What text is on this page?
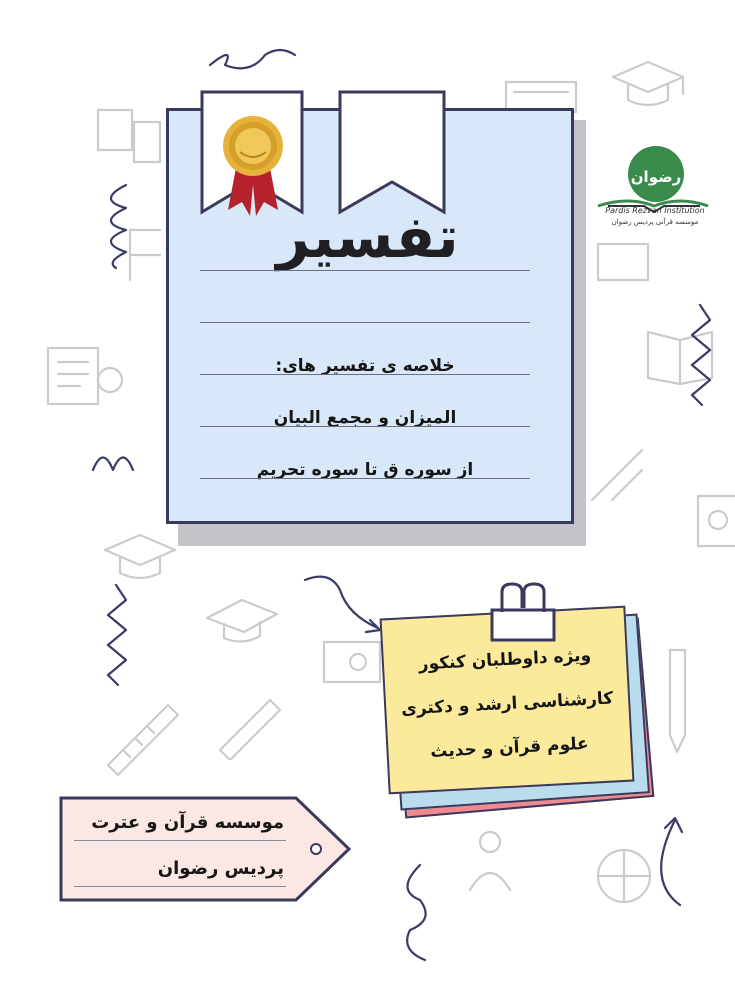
تفسیر
خلاصه ی تفسیر های:
المیزان و مجمع البیان
از سوره ق تا سوره تحریم
رضوان
Pardis Rezvan Institution
موسسه قرآنی پردیس رضوان
ویژه داوطلبان کنکور
کارشناسی ارشد و دکتری
علوم قرآن و حدیث
موسسه قرآن و عترت
پردیس رضوان
